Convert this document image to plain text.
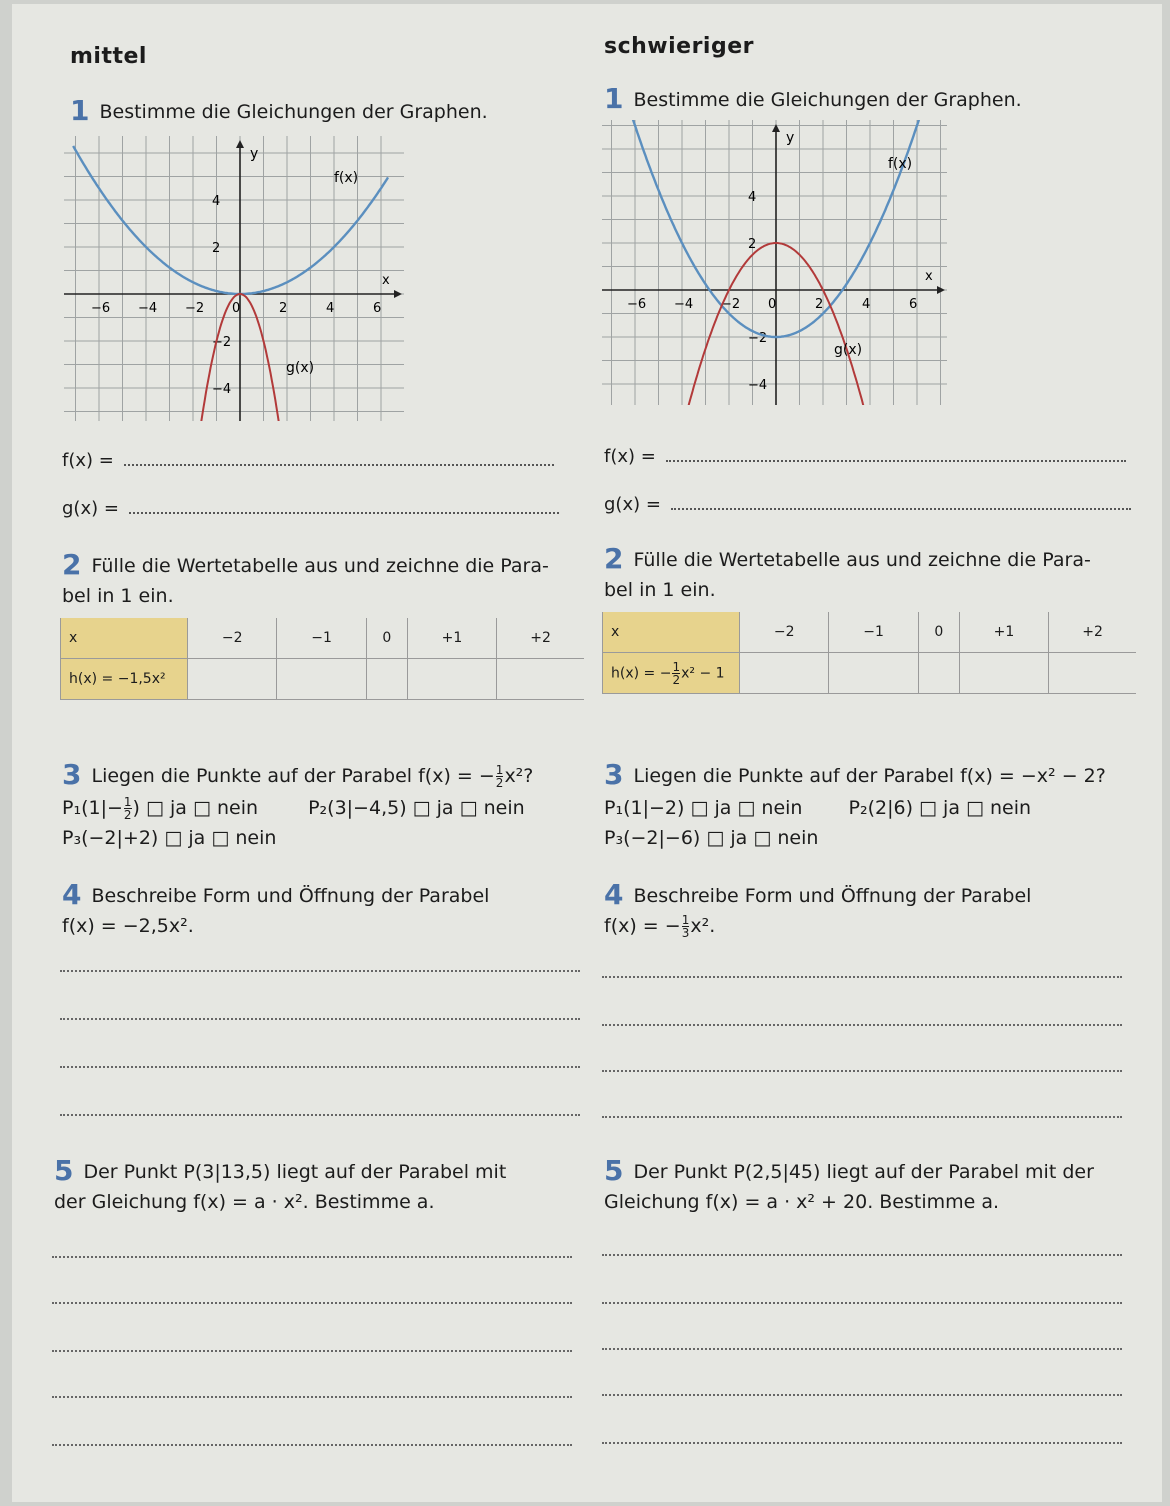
mittel
1 Bestimme die Gleichungen der Graphen.
y
x
−6 −4 −2 0	2	4	6
4
2
−2
−4
f(x)
g(x)
f(x) =
g(x) =
2 Fülle die Wertetabelle aus und zeichne die Para-
bel in 1 ein.
x	−2	−1	0	+1	+2
h(x) = −1,5x²					
3 Liegen die Punkte auf der Parabel f(x) = − $\frac{1}{2} x^2$?
$P_1(1|- \frac{1}{2}$ ) □ ja □ nein	P₂(3|−4,5) □ ja □ nein
P₃(−2|+2) □ ja □ nein
4 Beschreibe Form und Öffnung der Parabel
f(x) = −2,5x².
5 Der Punkt P(3|13,5) liegt auf der Parabel mit
der Gleichung f(x) = a · x². Bestimme a.
schwieriger
1 Bestimme die Gleichungen der Graphen.
y
x
−6 −4 −2 0	2	4	6
4
2
−2
−4
f(x)
g(x)
f(x) =
g(x) =
2 Fülle die Wertetabelle aus und zeichne die Para-
bel in 1 ein.
x	−2	−1	0	+1	+2
h(x) = − $\frac{1}{2} x^2 - 1$					
3 Liegen die Punkte auf der Parabel f(x) = −x² − 2?
P₁(1|−2) □ ja □ nein P₂(2|6) □ ja □ nein
P₃(−2|−6) □ ja □ nein
4 Beschreibe Form und Öffnung der Parabel
f(x) = − $\frac{1}{3} x^2$.
5 Der Punkt P(2,5|45) liegt auf der Parabel mit der
Gleichung f(x) = a · x² + 20. Bestimme a.
